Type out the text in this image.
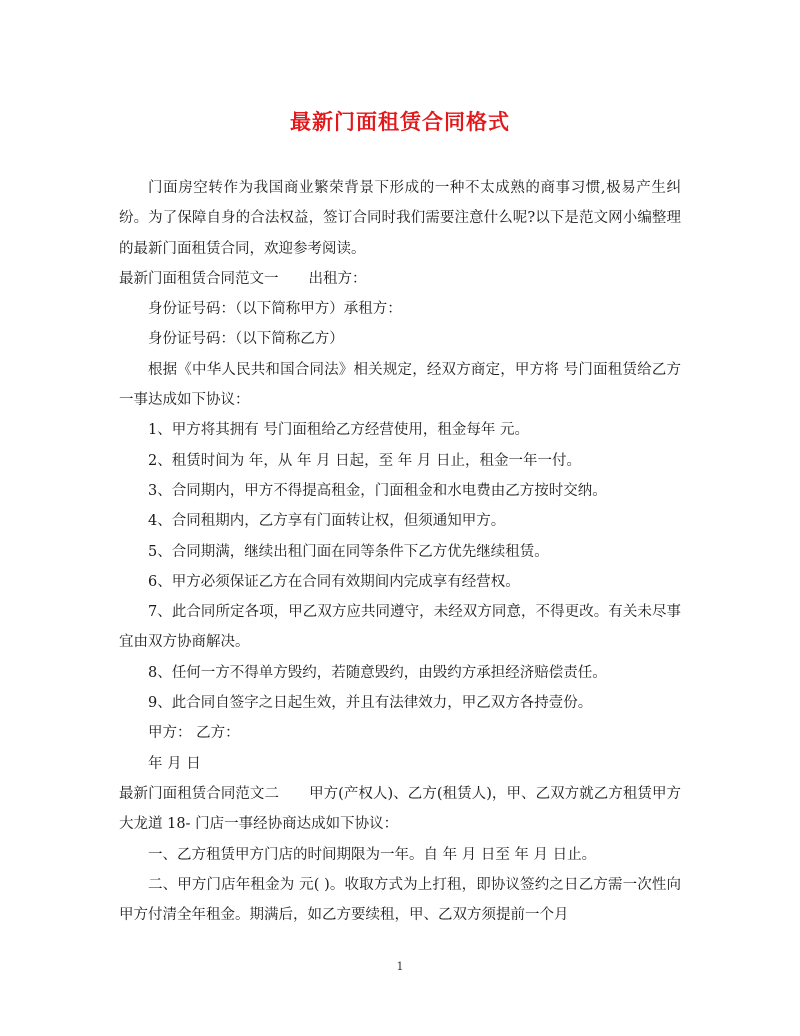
最新门面租赁合同格式

门面房空转作为我国商业繁荣背景下形成的一种不太成熟的商事习惯,极易产生纠纷。为了保障自身的合法权益，签订合同时我们需要注意什么呢?以下是范文网小编整理的最新门面租赁合同，欢迎参考阅读。

最新门面租赁合同范文一 出租方：

身份证号码：（以下简称甲方）承租方：

身份证号码：（以下简称乙方）

根据《中华人民共和国合同法》相关规定，经双方商定，甲方将 号门面租赁给乙方一事达成如下协议：

1、甲方将其拥有 号门面租给乙方经营使用，租金每年 元。

2、租赁时间为 年，从 年 月 日起，至 年 月 日止，租金一年一付。

3、合同期内，甲方不得提高租金，门面租金和水电费由乙方按时交纳。

4、合同租期内，乙方享有门面转让权，但须通知甲方。

5、合同期满，继续出租门面在同等条件下乙方优先继续租赁。

6、甲方必须保证乙方在合同有效期间内完成享有经营权。

7、此合同所定各项，甲乙双方应共同遵守，未经双方同意，不得更改。有关未尽事宜由双方协商解决。

8、任何一方不得单方毁约，若随意毁约，由毁约方承担经济赔偿责任。

9、此合同自签字之日起生效，并且有法律效力，甲乙双方各持壹份。

甲方： 乙方：

年 月 日

最新门面租赁合同范文二 甲方(产权人)、乙方(租赁人)，甲、乙双方就乙方租赁甲方大龙道 18- 门店一事经协商达成如下协议：

一、乙方租赁甲方门店的时间期限为一年。自 年 月 日至 年 月 日止。

二、甲方门店年租金为 元( )。收取方式为上打租，即协议签约之日乙方需一次性向甲方付清全年租金。期满后，如乙方要续租，甲、乙双方须提前一个月

1
